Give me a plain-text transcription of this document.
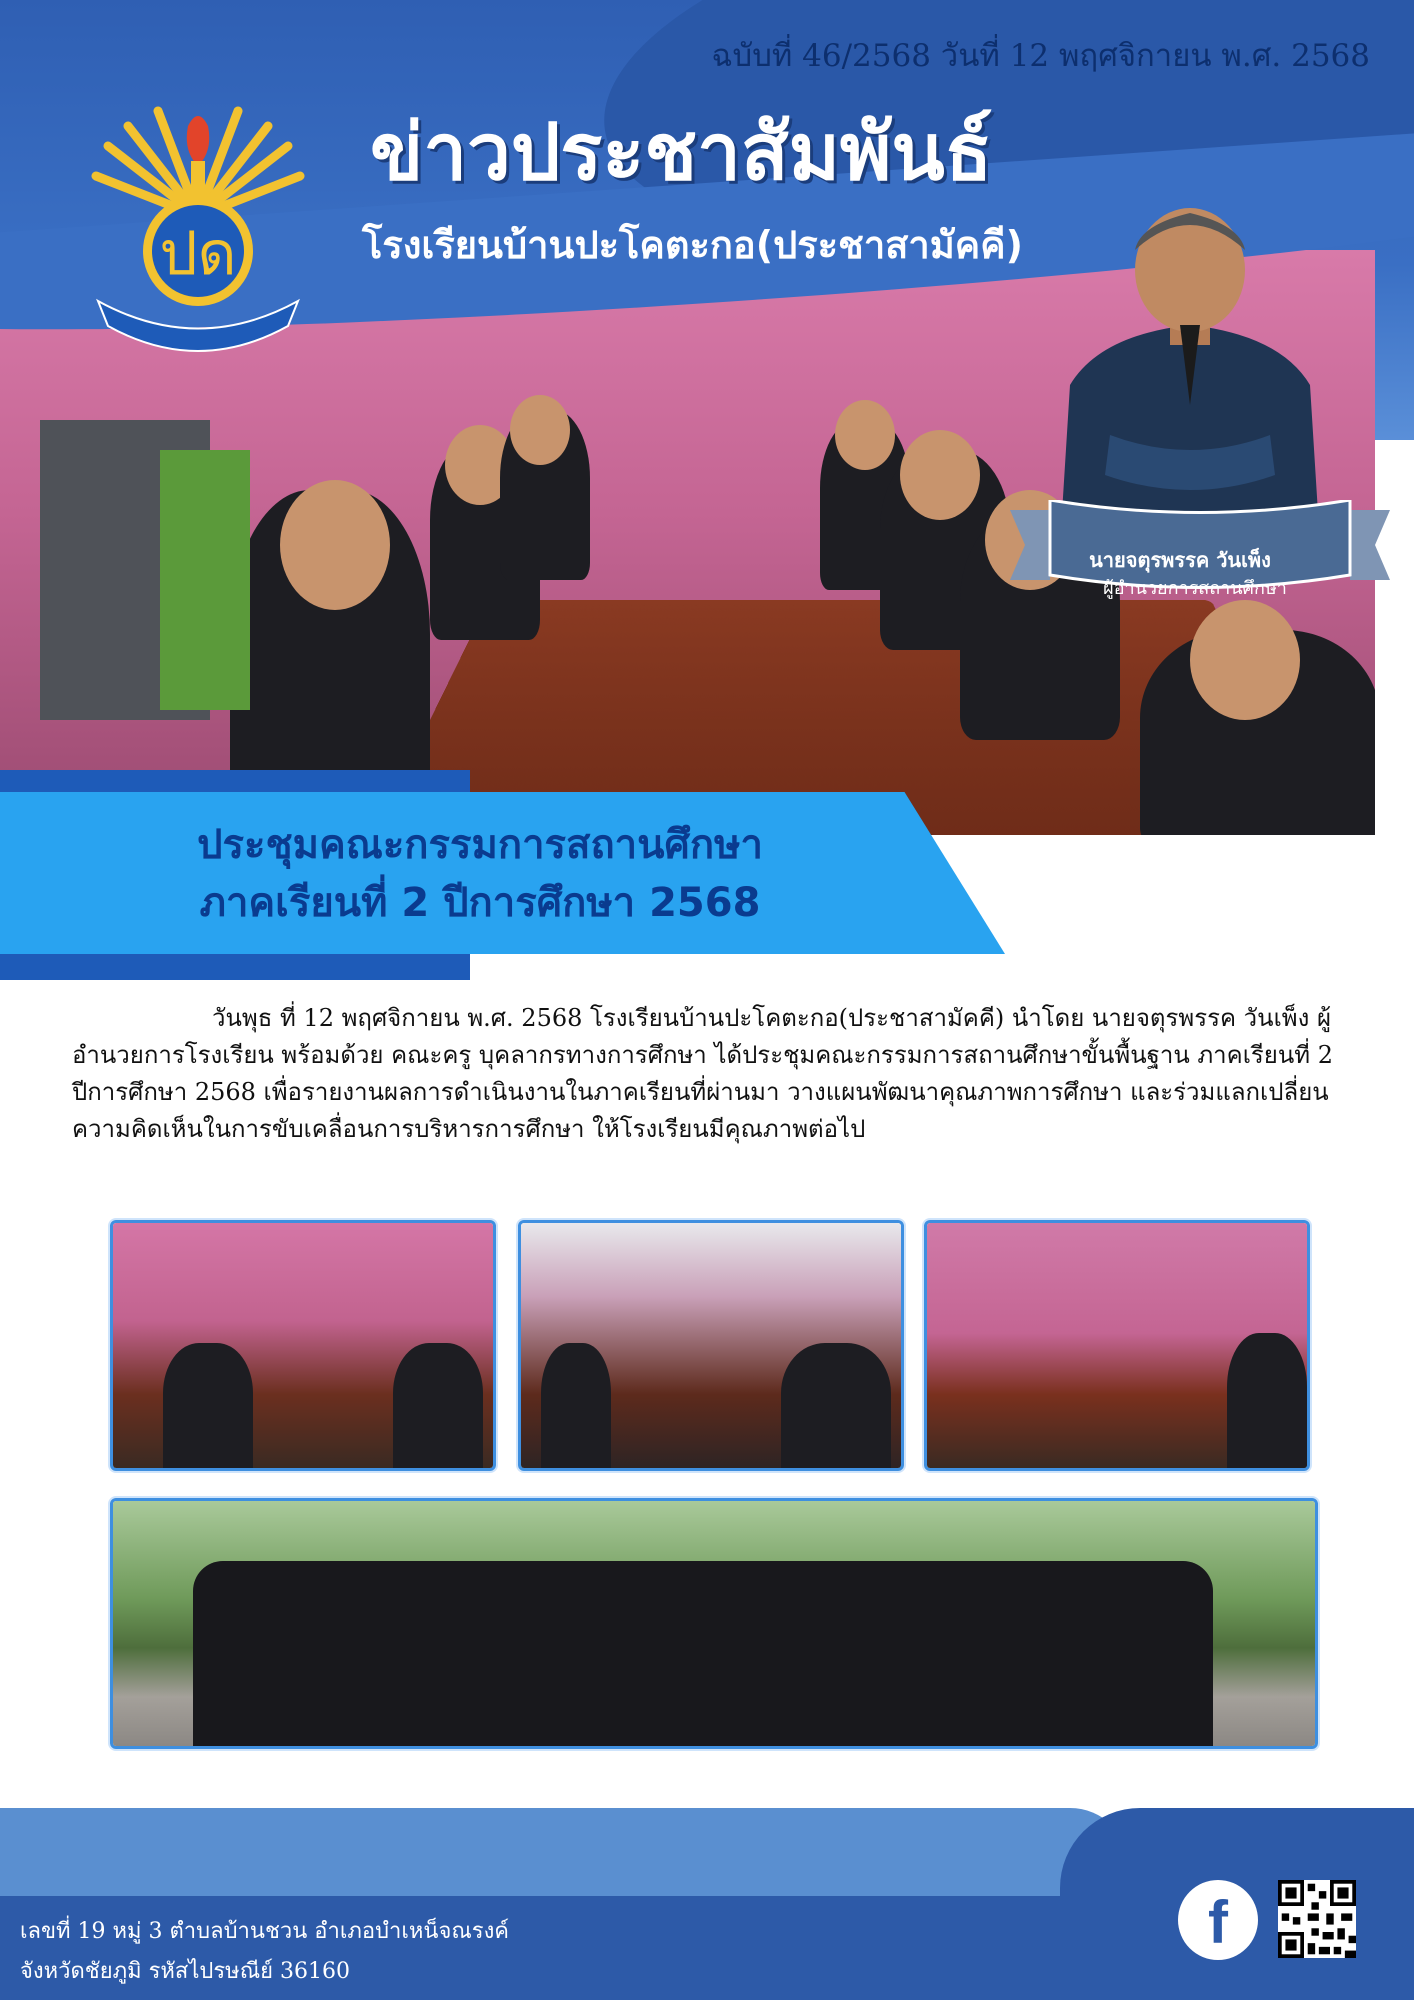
ฉบับที่ 46/2568 วันที่ 12 พฤศจิกายน พ.ศ. 2568
ข่าวประชาสัมพันธ์
โรงเรียนบ้านปะโคตะกอ(ประชาสามัคคี)
ปด
นายจตุรพรรค วันเพ็ง
ผู้อำนวยการสถานศึกษา
ประชุมคณะกรรมการสถานศึกษา
ภาคเรียนที่ 2 ปีการศึกษา 2568
วันพุธ ที่ 12 พฤศจิกายน พ.ศ. 2568 โรงเรียนบ้านปะโคตะกอ(ประชาสามัคคี) นำโดย นายจตุรพรรค วันเพ็ง ผู้อำนวยการโรงเรียน พร้อมด้วย คณะครู บุคลากรทางการศึกษา ได้ประชุมคณะกรรมการสถานศึกษาขั้นพื้นฐาน ภาคเรียนที่ 2 ปีการศึกษา 2568 เพื่อรายงานผลการดำเนินงานในภาคเรียนที่ผ่านมา วางแผนพัฒนาคุณภาพการศึกษา และร่วมแลกเปลี่ยนความคิดเห็นในการขับเคลื่อนการบริหารการศึกษา ให้โรงเรียนมีคุณภาพต่อไป
เลขที่ 19 หมู่ 3 ตำบลบ้านชวน อำเภอบำเหน็จณรงค์
จังหวัดชัยภูมิ รหัสไปรษณีย์ 36160
f
